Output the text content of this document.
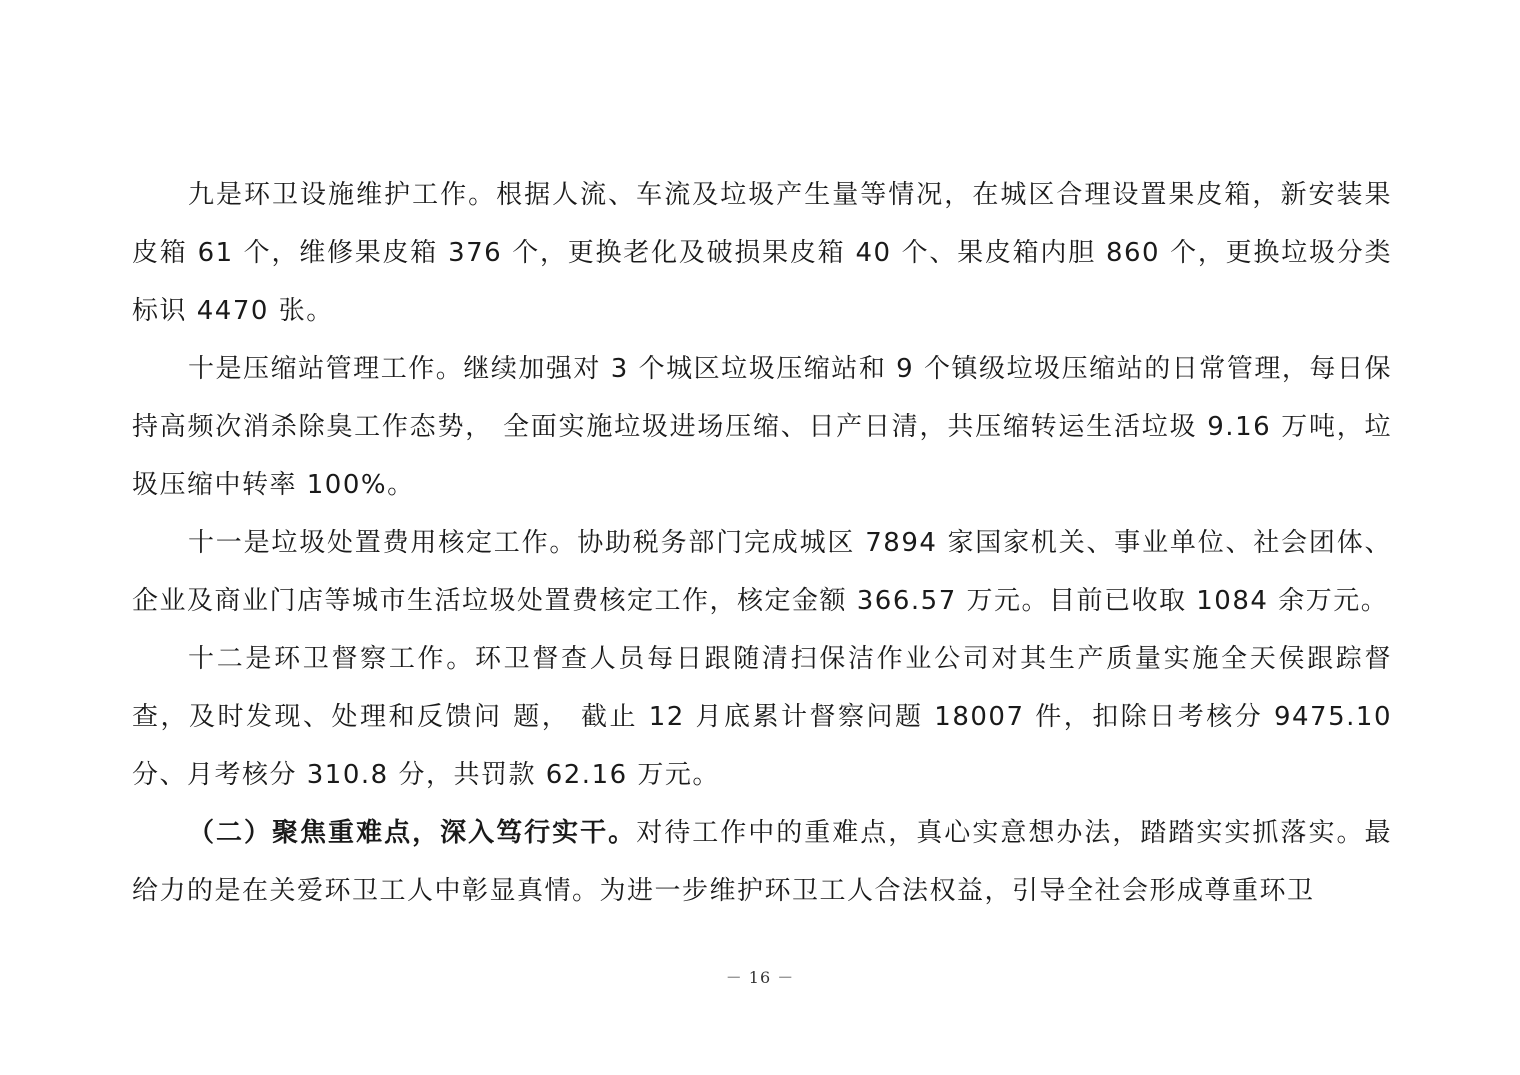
九是环卫设施维护工作。根据人流、车流及垃圾产生量等情况，在城区合理设置果皮箱，新安装果皮箱 61 个，维修果皮箱 376 个，更换老化及破损果皮箱 40 个、果皮箱内胆 860 个，更换垃圾分类标识 4470 张。

十是压缩站管理工作。继续加强对 3 个城区垃圾压缩站和 9 个镇级垃圾压缩站的日常管理，每日保持高频次消杀除臭工作态势， 全面实施垃圾进场压缩、日产日清，共压缩转运生活垃圾 9.16 万吨，垃圾压缩中转率 100%。

十一是垃圾处置费用核定工作。协助税务部门完成城区 7894 家国家机关、事业单位、社会团体、企业及商业门店等城市生活垃圾处置费核定工作，核定金额 366.57 万元。目前已收取 1084 余万元。

十二是环卫督察工作。环卫督查人员每日跟随清扫保洁作业公司对其生产质量实施全天侯跟踪督查，及时发现、处理和反馈问 题， 截止 12 月底累计督察问题 18007 件，扣除日考核分 9475.10 分、月考核分 310.8 分，共罚款 62.16 万元。

（二）聚焦重难点，深入笃行实干。对待工作中的重难点，真心实意想办法，踏踏实实抓落实。最给力的是在关爱环卫工人中彰显真情。为进一步维护环卫工人合法权益，引导全社会形成尊重环卫

－ 16 －
